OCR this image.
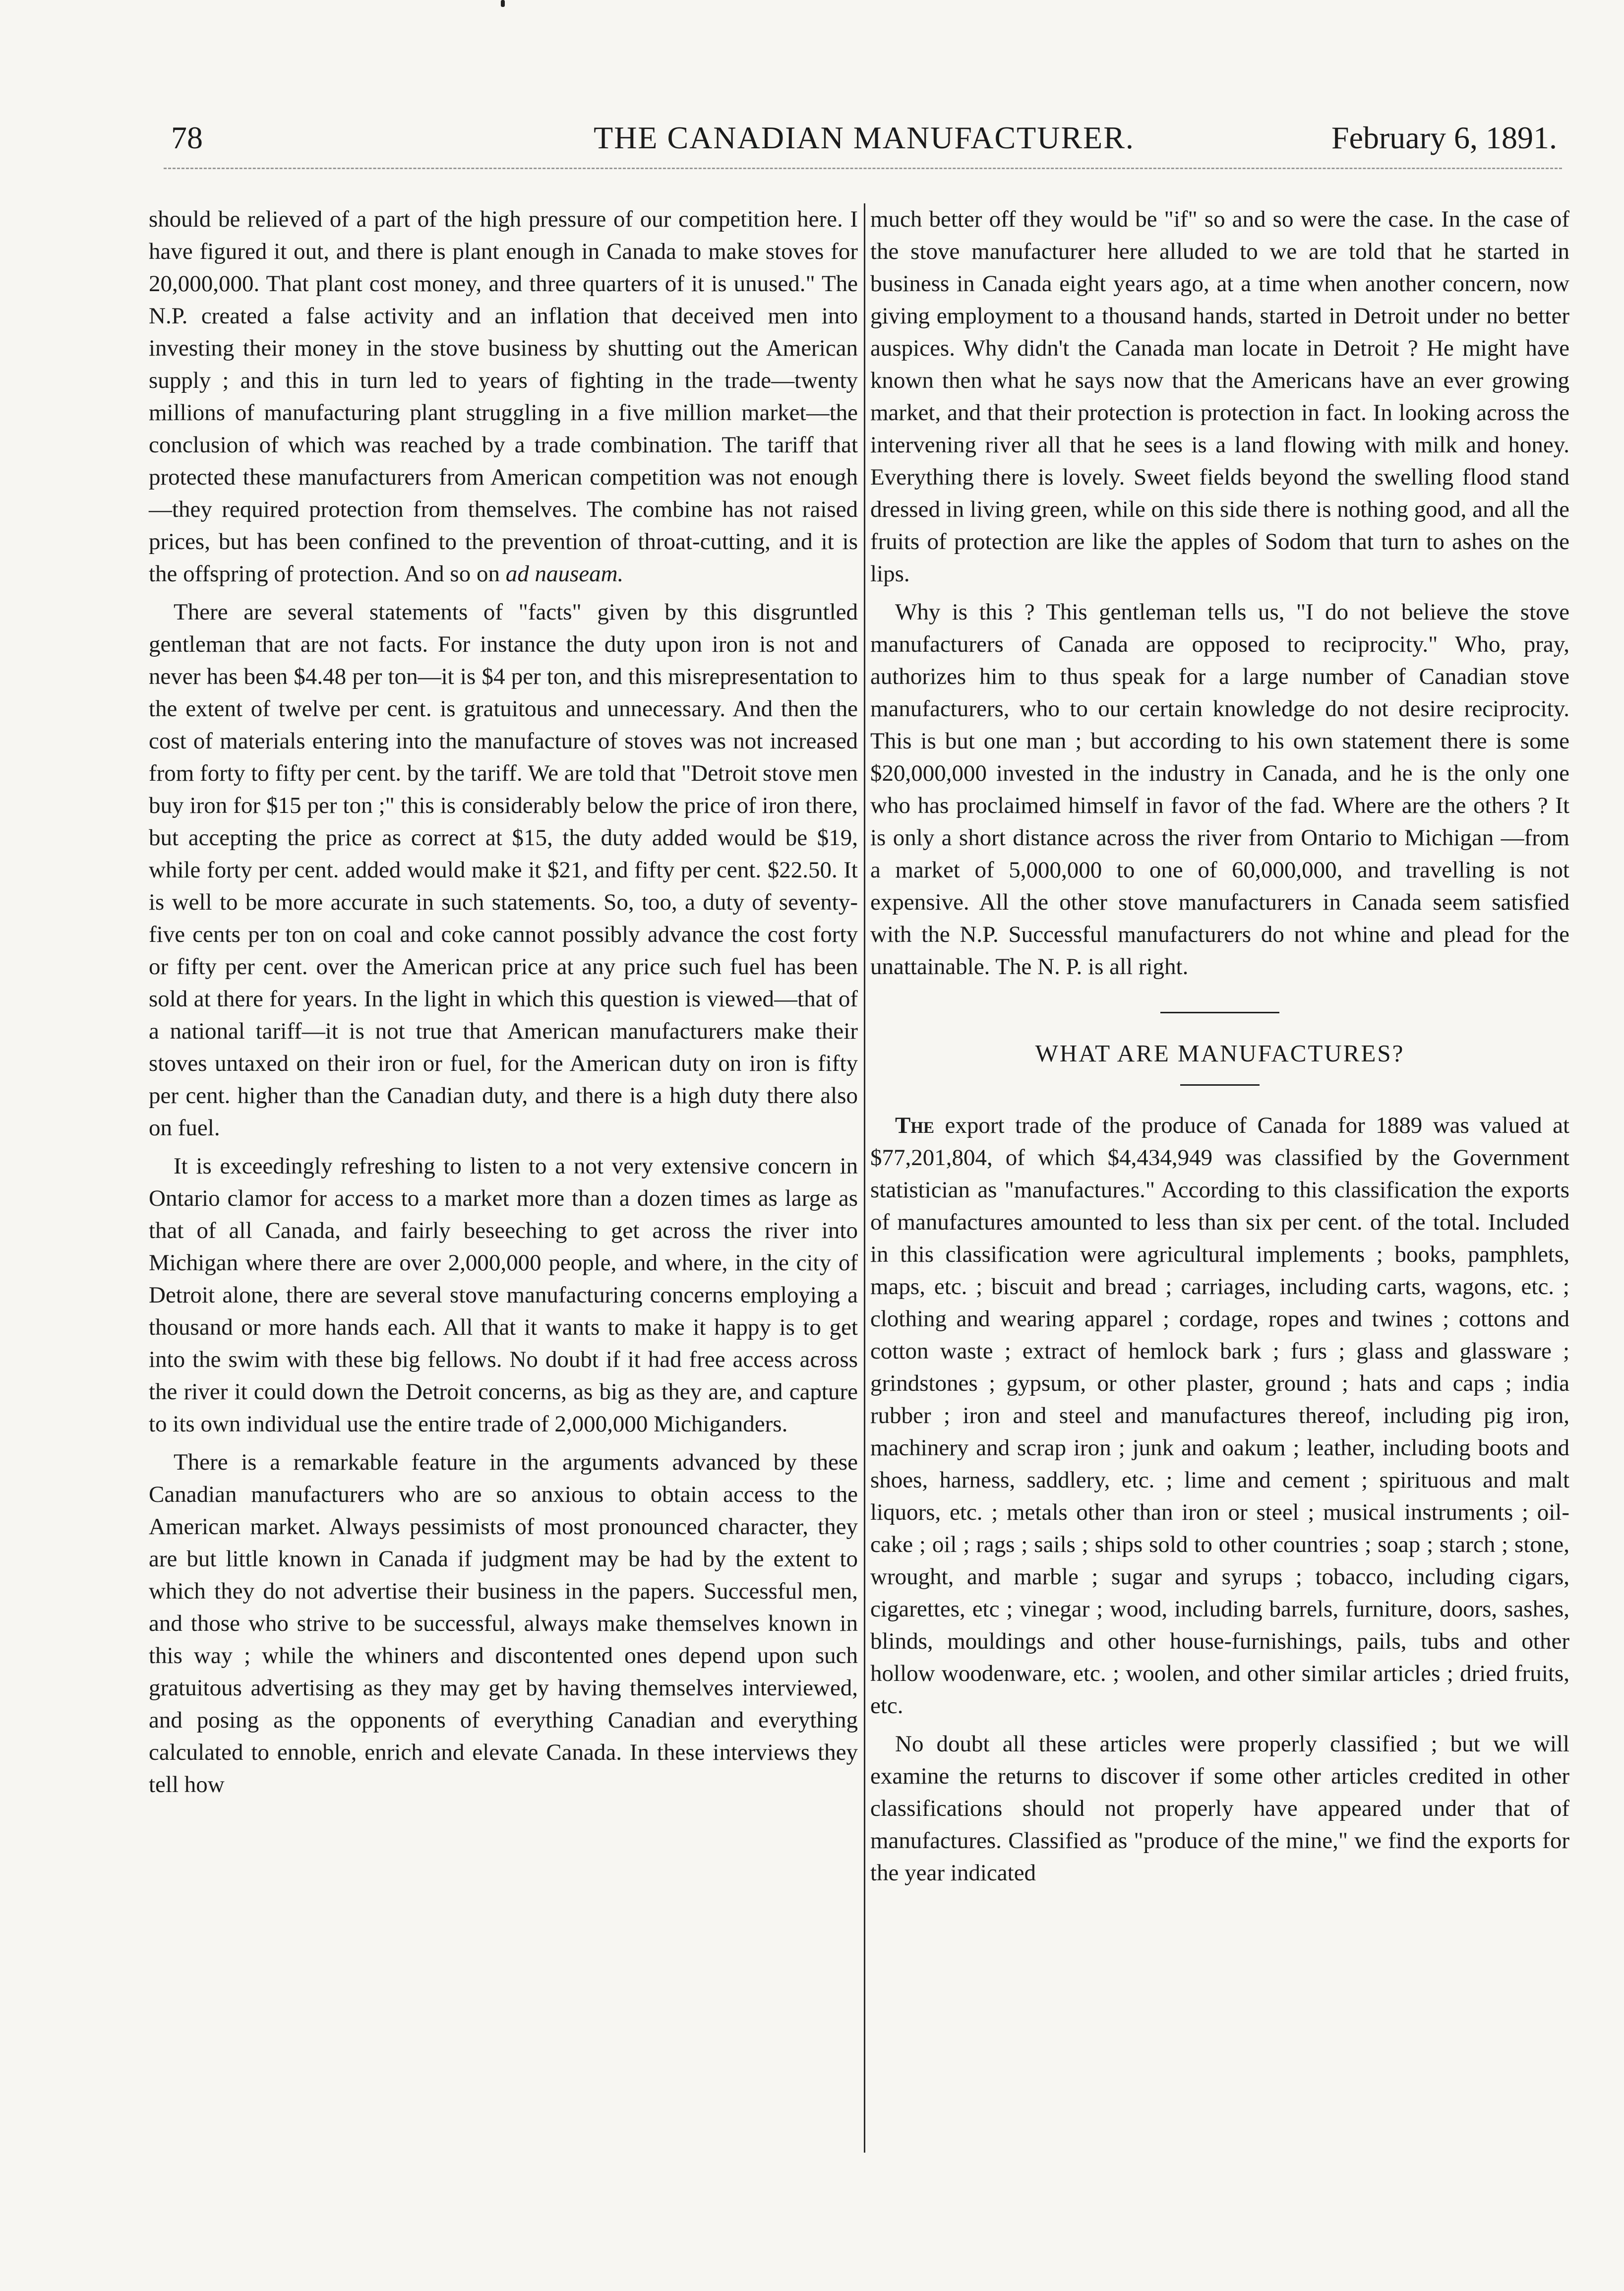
78	THE CANADIAN MANUFACTURER.	February 6, 1891.

should be relieved of a part of the high pressure of our competition here. I have figured it out, and there is plant enough in Canada to make stoves for 20,000,000. That plant cost money, and three quarters of it is unused." The N.P. created a false activity and an inflation that deceived men into investing their money in the stove business by shutting out the American supply ; and this in turn led to years of fighting in the trade—twenty millions of manufacturing plant struggling in a five million market—the conclusion of which was reached by a trade combination. The tariff that protected these manufacturers from American competition was not enough—they required protection from themselves. The combine has not raised prices, but has been confined to the prevention of throat-cutting, and it is the offspring of protection. And so on ad nauseam.

There are several statements of "facts" given by this disgruntled gentleman that are not facts. For instance the duty upon iron is not and never has been $4.48 per ton—it is $4 per ton, and this misrepresentation to the extent of twelve per cent. is gratuitous and unnecessary. And then the cost of materials entering into the manufacture of stoves was not increased from forty to fifty per cent. by the tariff. We are told that "Detroit stove men buy iron for $15 per ton ;" this is considerably below the price of iron there, but accepting the price as correct at $15, the duty added would be $19, while forty per cent. added would make it $21, and fifty per cent. $22.50. It is well to be more accurate in such statements. So, too, a duty of seventy-five cents per ton on coal and coke cannot possibly advance the cost forty or fifty per cent. over the American price at any price such fuel has been sold at there for years. In the light in which this question is viewed—that of a national tariff—it is not true that American manufacturers make their stoves untaxed on their iron or fuel, for the American duty on iron is fifty per cent. higher than the Canadian duty, and there is a high duty there also on fuel.

It is exceedingly refreshing to listen to a not very extensive concern in Ontario clamor for access to a market more than a dozen times as large as that of all Canada, and fairly beseeching to get across the river into Michigan where there are over 2,000,000 people, and where, in the city of Detroit alone, there are several stove manufacturing concerns employing a thousand or more hands each. All that it wants to make it happy is to get into the swim with these big fellows. No doubt if it had free access across the river it could down the Detroit concerns, as big as they are, and capture to its own individual use the entire trade of 2,000,000 Michiganders.

There is a remarkable feature in the arguments advanced by these Canadian manufacturers who are so anxious to obtain access to the American market. Always pessimists of most pronounced character, they are but little known in Canada if judgment may be had by the extent to which they do not advertise their business in the papers. Successful men, and those who strive to be successful, always make themselves known in this way ; while the whiners and discontented ones depend upon such gratuitous advertising as they may get by having themselves interviewed, and posing as the opponents of everything Canadian and everything calculated to ennoble, enrich and elevate Canada. In these interviews they tell how

much better off they would be "if" so and so were the case. In the case of the stove manufacturer here alluded to we are told that he started in business in Canada eight years ago, at a time when another concern, now giving employment to a thousand hands, started in Detroit under no better auspices. Why didn't the Canada man locate in Detroit ? He might have known then what he says now that the Americans have an ever growing market, and that their protection is protection in fact. In looking across the intervening river all that he sees is a land flowing with milk and honey. Everything there is lovely. Sweet fields beyond the swelling flood stand dressed in living green, while on this side there is nothing good, and all the fruits of protection are like the apples of Sodom that turn to ashes on the lips.

Why is this ? This gentleman tells us, "I do not believe the stove manufacturers of Canada are opposed to reciprocity." Who, pray, authorizes him to thus speak for a large number of Canadian stove manufacturers, who to our certain knowledge do not desire reciprocity. This is but one man ; but according to his own statement there is some $20,000,000 invested in the industry in Canada, and he is the only one who has proclaimed himself in favor of the fad. Where are the others ? It is only a short distance across the river from Ontario to Michigan —from a market of 5,000,000 to one of 60,000,000, and travelling is not expensive. All the other stove manufacturers in Canada seem satisfied with the N.P. Successful manufacturers do not whine and plead for the unattainable. The N. P. is all right.

WHAT ARE MANUFACTURES?

The export trade of the produce of Canada for 1889 was valued at $77,201,804, of which $4,434,949 was classified by the Government statistician as "manufactures." According to this classification the exports of manufactures amounted to less than six per cent. of the total. Included in this classification were agricultural implements ; books, pamphlets, maps, etc. ; biscuit and bread ; carriages, including carts, wagons, etc. ; clothing and wearing apparel ; cordage, ropes and twines ; cottons and cotton waste ; extract of hemlock bark ; furs ; glass and glassware ; grindstones ; gypsum, or other plaster, ground ; hats and caps ; india rubber ; iron and steel and manufactures thereof, including pig iron, machinery and scrap iron ; junk and oakum ; leather, including boots and shoes, harness, saddlery, etc. ; lime and cement ; spirituous and malt liquors, etc. ; metals other than iron or steel ; musical instruments ; oil-cake ; oil ; rags ; sails ; ships sold to other countries ; soap ; starch ; stone, wrought, and marble ; sugar and syrups ; tobacco, including cigars, cigarettes, etc ; vinegar ; wood, including barrels, furniture, doors, sashes, blinds, mouldings and other house-furnishings, pails, tubs and other hollow woodenware, etc. ; woolen, and other similar articles ; dried fruits, etc.

No doubt all these articles were properly classified ; but we will examine the returns to discover if some other articles credited in other classifications should not properly have appeared under that of manufactures. Classified as "produce of the mine," we find the exports for the year indicated
